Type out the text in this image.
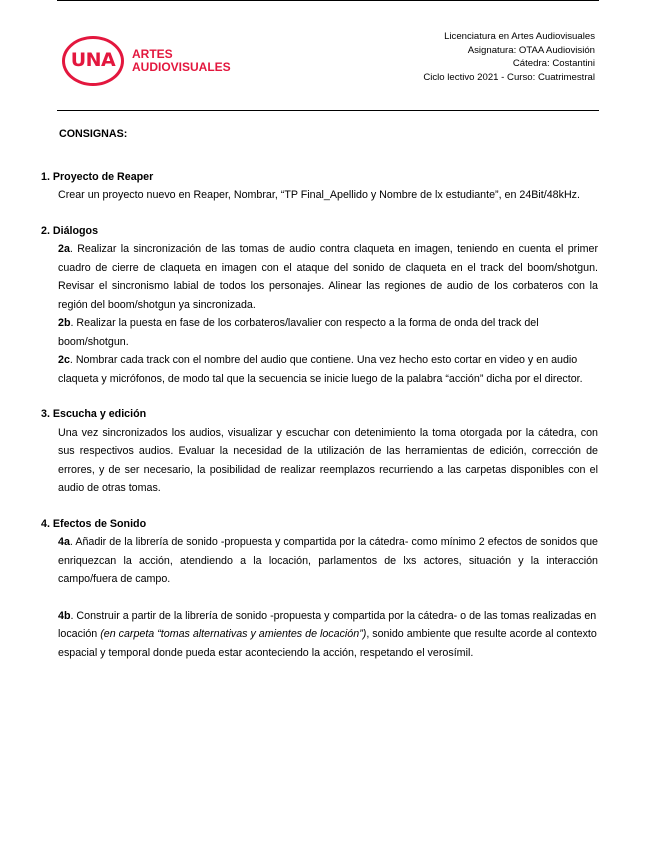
UNA	ARTES
AUDIOVISUALES
Licenciatura en Artes Audiovisuales
Asignatura: OTAA Audiovisión
Cátedra: Costantini
Ciclo lectivo 2021 - Curso: Cuatrimestral
CONSIGNAS:
1. Proyecto de Reaper
Crear un proyecto nuevo en Reaper, Nombrar, “TP Final_Apellido y Nombre de lx estudiante”, en 24Bit/48kHz.
2. Diálogos

2a. Realizar la sincronización de las tomas de audio contra claqueta en imagen, teniendo en cuenta el primer cuadro de cierre de claqueta en imagen con el ataque del sonido de claqueta en el track del boom/shotgun. Revisar el sincronismo labial de todos los personajes. Alinear las regiones de audio de los corbateros con la región del boom/shotgun ya sincronizada.

2b. Realizar la puesta en fase de los corbateros/lavalier con respecto a la forma de onda del track del boom/shotgun.

2c. Nombrar cada track con el nombre del audio que contiene. Una vez hecho esto cortar en video y en audio claqueta y micrófonos, de modo tal que la secuencia se inicie luego de la palabra “acción” dicha por el director.

3. Escucha y edición
Una vez sincronizados los audios, visualizar y escuchar con detenimiento la toma otorgada por la cátedra, con sus respectivos audios. Evaluar la necesidad de la utilización de las herramientas de edición, corrección de errores, y de ser necesario, la posibilidad de realizar reemplazos recurriendo a las carpetas disponibles con el audio de otras tomas.
4. Efectos de Sonido

4a. Añadir de la librería de sonido -propuesta y compartida por la cátedra- como mínimo 2 efectos de sonidos que enriquezcan la acción, atendiendo a la locación, parlamentos de lxs actores, situación y la interacción campo/fuera de campo.

4b. Construir a partir de la librería de sonido -propuesta y compartida por la cátedra- o de las tomas realizadas en locación (en carpeta “tomas alternativas y amientes de locación”), sonido ambiente que resulte acorde al contexto espacial y temporal donde pueda estar aconteciendo la acción, respetando el verosímil.
